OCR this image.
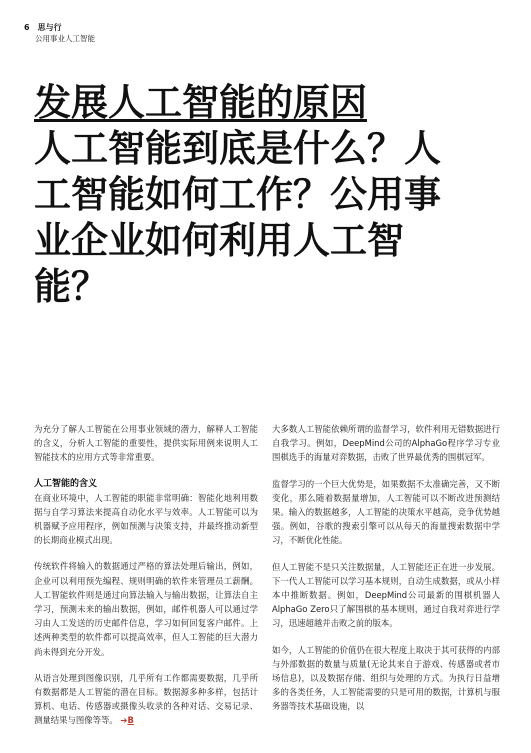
6 思与行
公用事业人工智能
发展人工智能的原因
人工智能到底是什么？人工智能如何工作？公用事业企业如何利用人工智能？

为充分了解人工智能在公用事业领域的潜力，解释人工智能的含义，分析人工智能的重要性，提供实际用例来说明人工智能技术的应用方式等非常重要。

人工智能的含义

在商业环境中，人工智能的职能非常明确：智能化地利用数据与自学习算法来提高自动化水平与效率。人工智能可以为机器赋予应用程序，例如预测与决策支持，并最终推动新型的长期商业模式出现。

传统软件将输入的数据通过严格的算法处理后输出，例如，企业可以利用预先编程、规则明确的软件来管理员工薪酬。人工智能软件则是通过向算法输入与输出数据，让算法自主学习，预测未来的输出数据，例如，邮件机器人可以通过学习由人工发送的历史邮件信息，学习如何回复客户邮件。上述两种类型的软件都可以提高效率，但人工智能的巨大潜力尚未得到充分开发。

从语言处理到图像识别，几乎所有工作都需要数据，几乎所有数据都是人工智能的潜在目标。数据源多种多样，包括计算机、电话、传感器或摄像头收录的各种对话、交易记录、测量结果与图像等等。 ➔B

大多数人工智能依赖所谓的监督学习，软件利用无错数据进行自我学习。例如，DeepMind公司的AlphaGo程序学习专业围棋选手的海量对弈数据，击败了世界最优秀的围棋冠军。

监督学习的一个巨大优势是，如果数据不太准确完善，又不断变化，那么随着数据量增加，人工智能可以不断改进预测结果。输入的数据越多，人工智能的决策水平越高，竞争优势越强。例如，谷歌的搜索引擎可以从每天的海量搜索数据中学习，不断优化性能。

但人工智能不是只关注数据量，人工智能还正在进一步发展。下一代人工智能可以学习基本规则，自动生成数据，或从小样本中推断数据。例如，DeepMind公司最新的围棋机器人AlphaGo Zero只了解围棋的基本规则，通过自我对弈进行学习，迅速超越并击败之前的版本。

如今，人工智能的价值仍在很大程度上取决于其可获得的内部与外部数据的数量与质量(无论其来自于游戏、传感器或者市场信息)，以及数据存储、组织与处理的方式。为执行日益增多的各类任务，人工智能需要的只是可用的数据，计算机与服务器等技术基础设施，以
